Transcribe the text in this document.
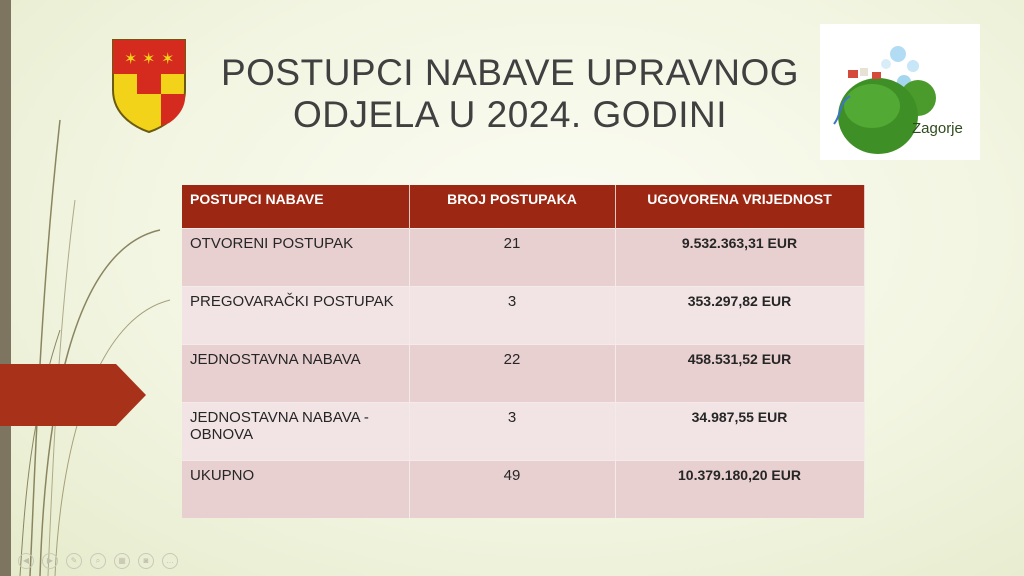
✶ ✶ ✶	POSTUPCI NABAVE UPRAVNOG ODJELA U 2024. GODINI	Zagorje
POSTUPCI NABAVE	BROJ POSTUPAKA	UGOVORENA VRIJEDNOST
OTVORENI POSTUPAK	21	9.532.363,31 EUR
PREGOVARAČKI POSTUPAK	3	353.297,82 EUR
JEDNOSTAVNA NABAVA	22	458.531,52 EUR
JEDNOSTAVNA NABAVA - OBNOVA	3	34.987,55 EUR
UKUPNO	49	10.379.180,20 EUR
◀	▶	✎	⌕	▦	◙	…
